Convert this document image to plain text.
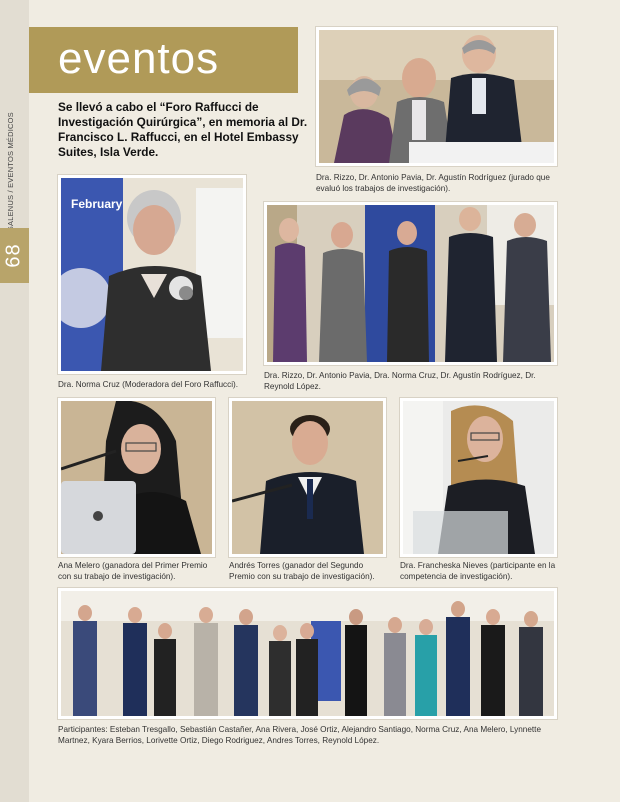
68
eventos
Se llevó a cabo el “Foro Raffucci de Investigación Quirúrgica”, en memoria al Dr. Francisco L. Raffucci, en el Hotel Embassy Suites, Isla Verde.
Dra. Rizzo, Dr. Antonio Pavia, Dr. Agustín Rodríguez (jurado que evaluó los trabajos de investigación).
February
Dra. Norma Cruz (Moderadora del Foro Raffucci).
Dra. Rizzo, Dr. Antonio Pavia, Dra. Norma Cruz, Dr. Agustín Rodríguez, Dr. Reynold López.
Ana Melero (ganadora del Primer Premio con su trabajo de investigación).
Andrés Torres (ganador del Segundo Premio con su trabajo de investigación).
Dra. Francheska Nieves (participante en la competencia de investigación).
Participantes: Esteban Tresgallo, Sebastián Castañer, Ana Rivera, José Ortiz, Alejandro Santiago, Norma Cruz, Ana Melero, Lynnette Martnez, Kyara Berrios, Lorivette Ortiz, Diego Rodriguez, Andres Torres, Reynold López.
